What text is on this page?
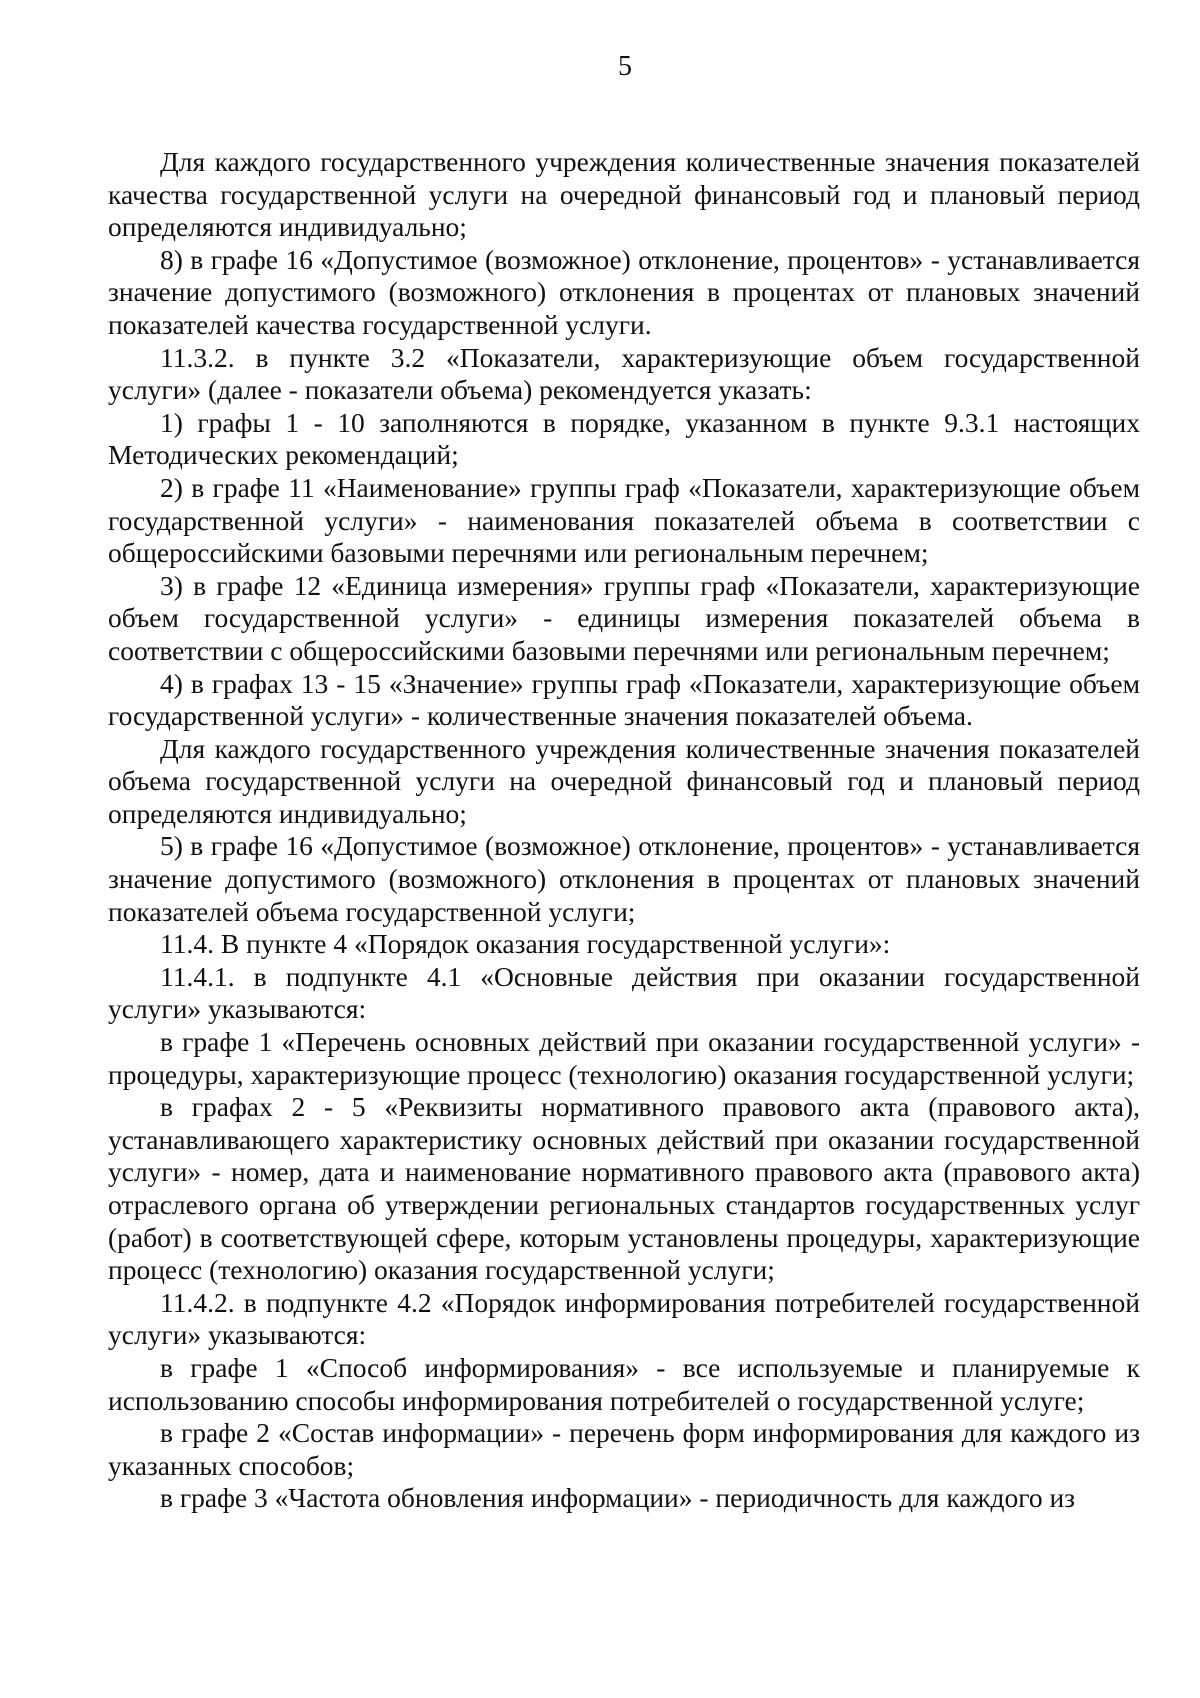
5

Для каждого государственного учреждения количественные значения показателей качества государственной услуги на очередной финансовый год и плановый период определяются индивидуально;

8) в графе 16 «Допустимое (возможное) отклонение, процентов» - устанавливается значение допустимого (возможного) отклонения в процентах от плановых значений показателей качества государственной услуги.

11.3.2. в пункте 3.2 «Показатели, характеризующие объем государственной услуги» (далее - показатели объема) рекомендуется указать:

1) графы 1 - 10 заполняются в порядке, указанном в пункте 9.3.1 настоящих Методических рекомендаций;

2) в графе 11 «Наименование» группы граф «Показатели, характеризующие объем государственной услуги» - наименования показателей объема в соответствии с общероссийскими базовыми перечнями или региональным перечнем;

3) в графе 12 «Единица измерения» группы граф «Показатели, характеризующие объем государственной услуги» - единицы измерения показателей объема в соответствии с общероссийскими базовыми перечнями или региональным перечнем;

4) в графах 13 - 15 «Значение» группы граф «Показатели, характеризующие объем государственной услуги» - количественные значения показателей объема.

Для каждого государственного учреждения количественные значения показателей объема государственной услуги на очередной финансовый год и плановый период определяются индивидуально;

5) в графе 16 «Допустимое (возможное) отклонение, процентов» - устанавливается значение допустимого (возможного) отклонения в процентах от плановых значений показателей объема государственной услуги;

11.4. В пункте 4 «Порядок оказания государственной услуги»:

11.4.1. в подпункте 4.1 «Основные действия при оказании государственной услуги» указываются:

в графе 1 «Перечень основных действий при оказании государственной услуги» - процедуры, характеризующие процесс (технологию) оказания государственной услуги;

в графах 2 - 5 «Реквизиты нормативного правового акта (правового акта), устанавливающего характеристику основных действий при оказании государственной услуги» - номер, дата и наименование нормативного правового акта (правового акта) отраслевого органа об утверждении региональных стандартов государственных услуг (работ) в соответствующей сфере, которым установлены процедуры, характеризующие процесс (технологию) оказания государственной услуги;

11.4.2. в подпункте 4.2 «Порядок информирования потребителей государственной услуги» указываются:

в графе 1 «Способ информирования» - все используемые и планируемые к использованию способы информирования потребителей о государственной услуге;

в графе 2 «Состав информации» - перечень форм информирования для каждого из указанных способов;

в графе 3 «Частота обновления информации» - периодичность для каждого из
